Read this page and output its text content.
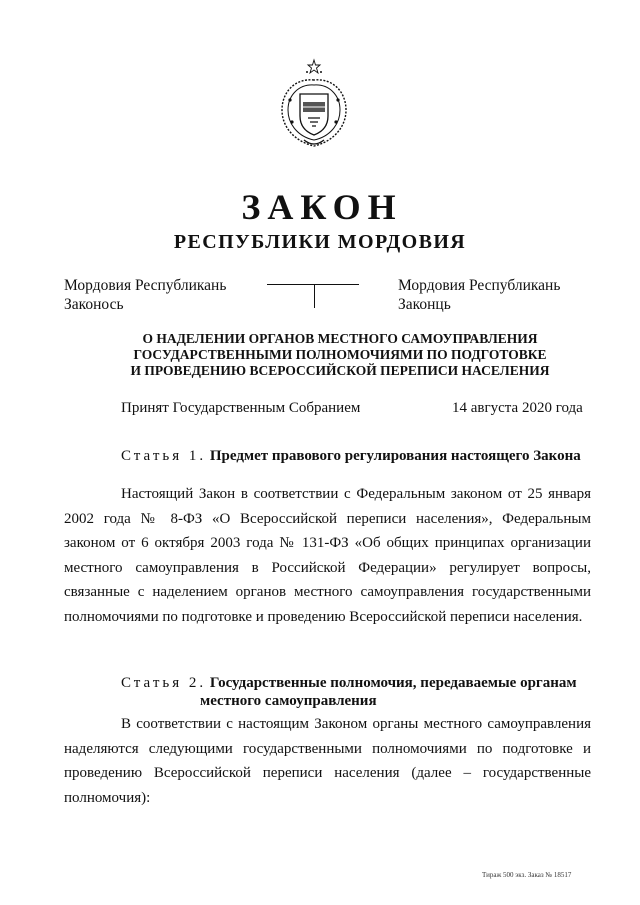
ЗАКОН
РЕСПУБЛИКИ МОРДОВИЯ
Мордовия Республикань
Законось
Мордовия Республикань
Законць
О НАДЕЛЕНИИ ОРГАНОВ МЕСТНОГО САМОУПРАВЛЕНИЯ
ГОСУДАРСТВЕННЫМИ ПОЛНОМОЧИЯМИ ПО ПОДГОТОВКЕ
И ПРОВЕДЕНИЮ ВСЕРОССИЙСКОЙ ПЕРЕПИСИ НАСЕЛЕНИЯ
Принят Государственным Собранием	14 августа 2020 года
Статья 1. Предмет правового регулирования настоящего Закона
Настоящий Закон в соответствии с Федеральным законом от 25 января 2002 года № 8-ФЗ «О Всероссийской переписи населения», Федеральным законом от 6 октября 2003 года № 131-ФЗ «Об общих принципах организации местного самоуправления в Российской Федерации» регулирует вопросы, связанные с наделением органов местного самоуправления государственными полномочиями по подготовке и проведению Всероссийской переписи населения.
Статья 2. Государственные полномочия, передаваемые органам
местного самоуправления
В соответствии с настоящим Законом органы местного самоуправления наделяются следующими государственными полномочиями по подготовке и проведению Всероссийской переписи населения (далее – государственные полномочия):
Тираж 500 экз. Заказ № 18517
